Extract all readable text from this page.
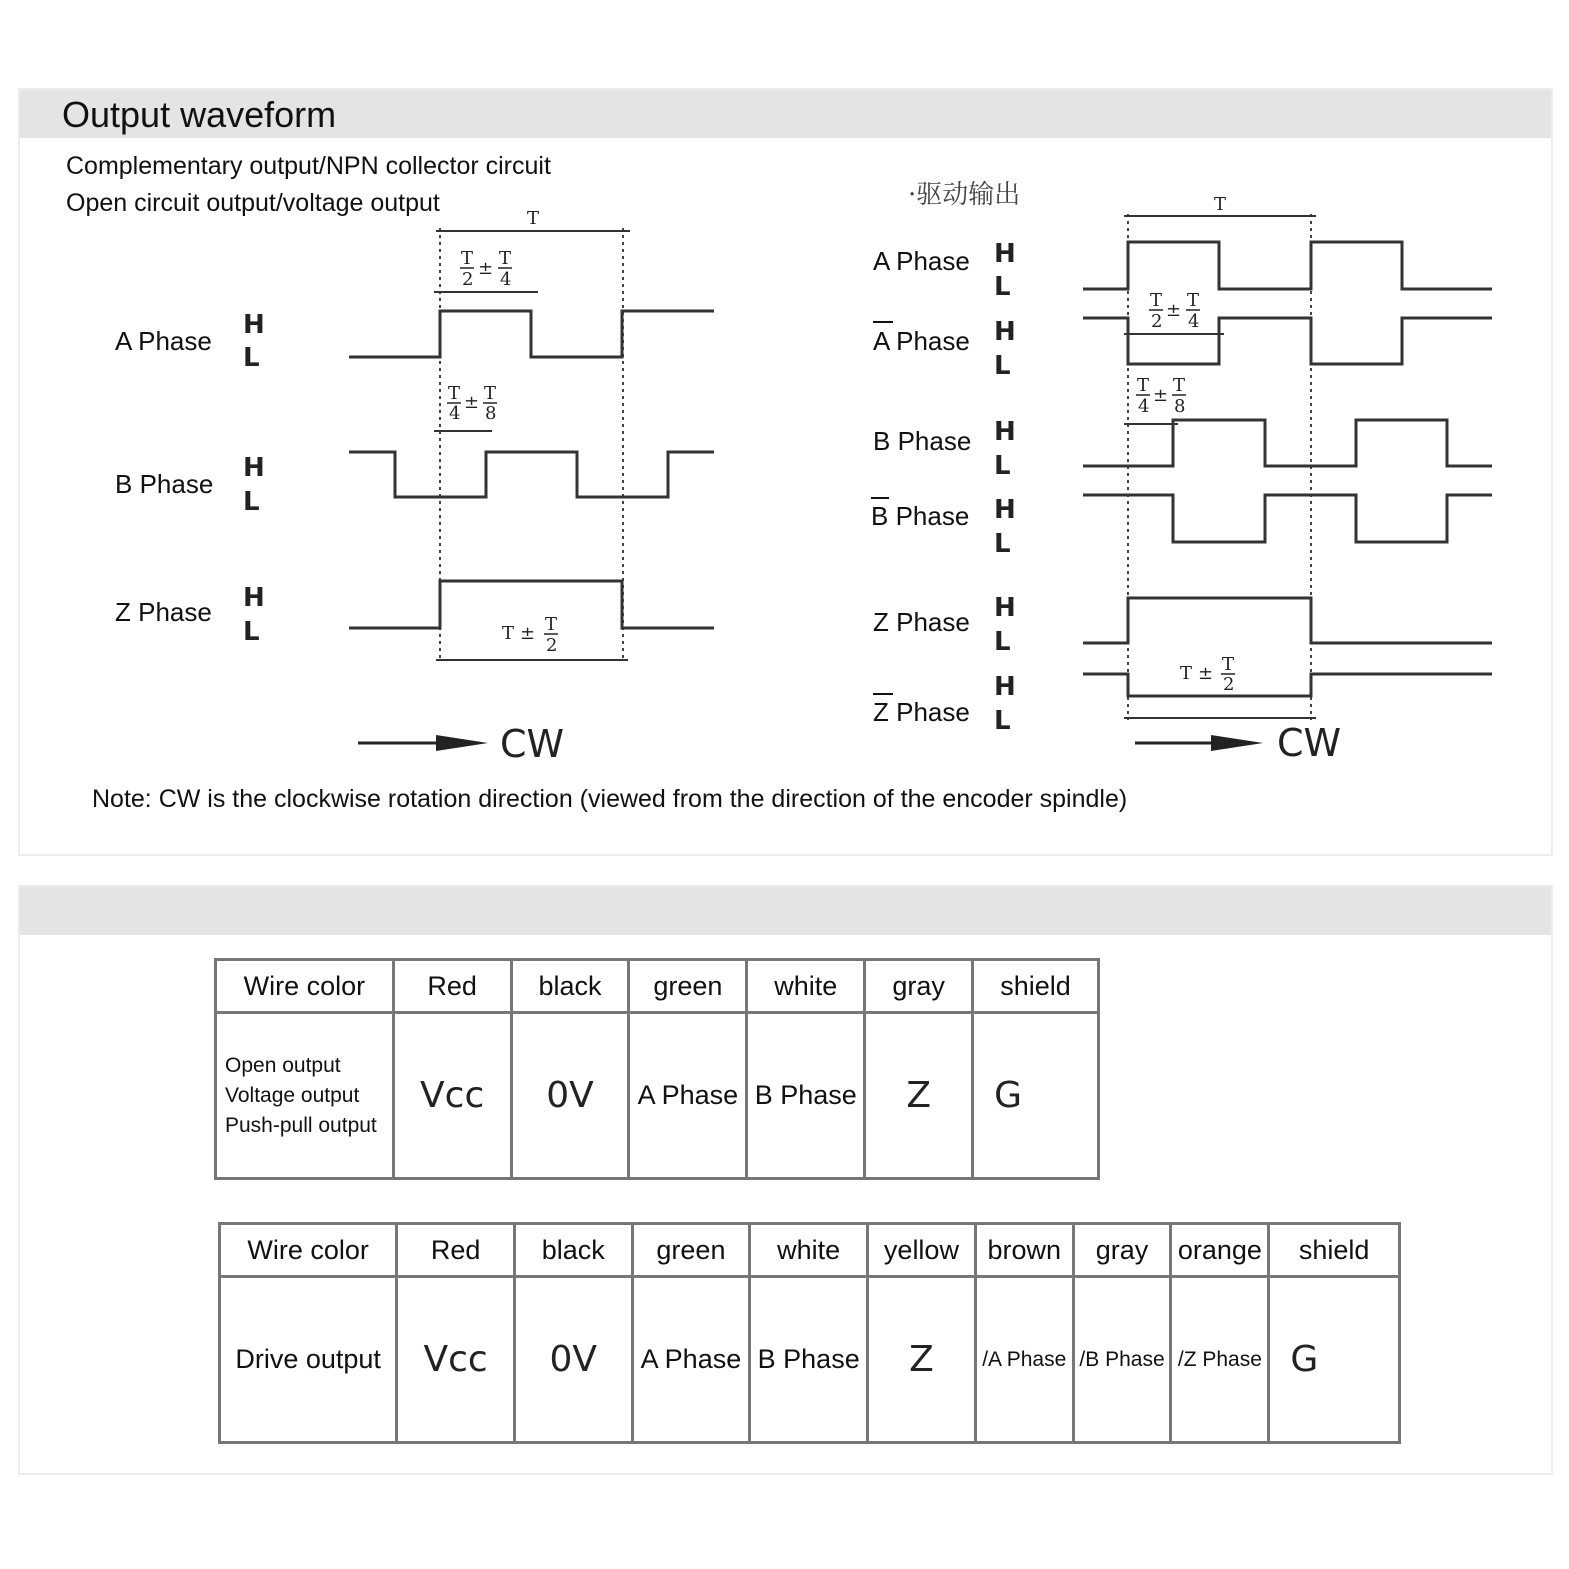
Output waveform
Complementary output/NPN collector circuit
Open circuit output/voltage output
Note: CW is the clockwise rotation direction (viewed from the direction of the encoder spindle)
T
T
2
± T
4
T
4
± T
8
A Phase
H
L
B Phase
H
L
Z Phase H
L	T ± T
2
CW
·驱动输出	T
A Phase H
L
A Phase H
L
T
2
± T
4
T
4
± T
8
B Phase H
L
B Phase H
L
Z Phase H
L
Z Phase
H
L
T ± T
2
CW
Wire color	Red	black	green	white	gray	shield

Open output
Voltage output
Push-pull output	Vcc	0V	A Phase	B Phase	Z	G
Wire color	Red	black	green	white	yellow	brown	gray	orange	shield
Drive output	Vcc	0V	A Phase	B Phase	Z	/A Phase	/B Phase	/Z Phase	G
